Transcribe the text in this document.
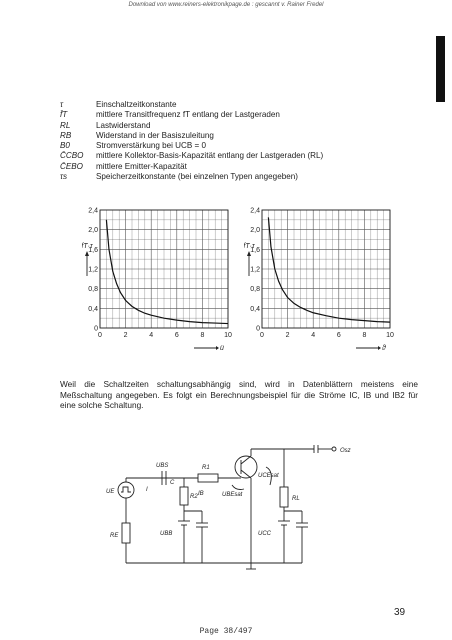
Download von www.reiners-elektronikpage.de : gescannt v. Rainer Fredel
τ	Einschaltzeitkonstante
f̄T	mittlere Transitfrequenz fT entlang der Lastgeraden
RL	Lastwiderstand
RB	Widerstand in der Basiszuleitung
B0	Stromverstärkung bei UCB = 0
C̄CBO	mittlere Kollektor-Basis-Kapazität entlang der Lastgeraden (RL)
C̄EBO	mittlere Emitter-Kapazität
τs	Speicherzeitkonstante (bei einzelnen Typen angegeben)
0	2	4	6	8	10
0
0,4
0,8
1,2
1,6
2,0
2,4
ü
fT·τ
0	2	4	6	8	10
0
0,4
0,8
1,2
1,6
2,0
2,4
ϑ
fT·τ
Weil die Schaltzeiten schaltungsabhängig sind, wird in Datenblättern meistens eine Meßschaltung angegeben. Es folgt ein Berechnungsbeispiel für die Ströme IC, IB und IB2 für eine solche Schaltung.
UBS	R1
C
I
IB	UBEsat
UCEsat
RL
UE
R2
UBB	UCC
RE
Osz
39
Page 38/497
